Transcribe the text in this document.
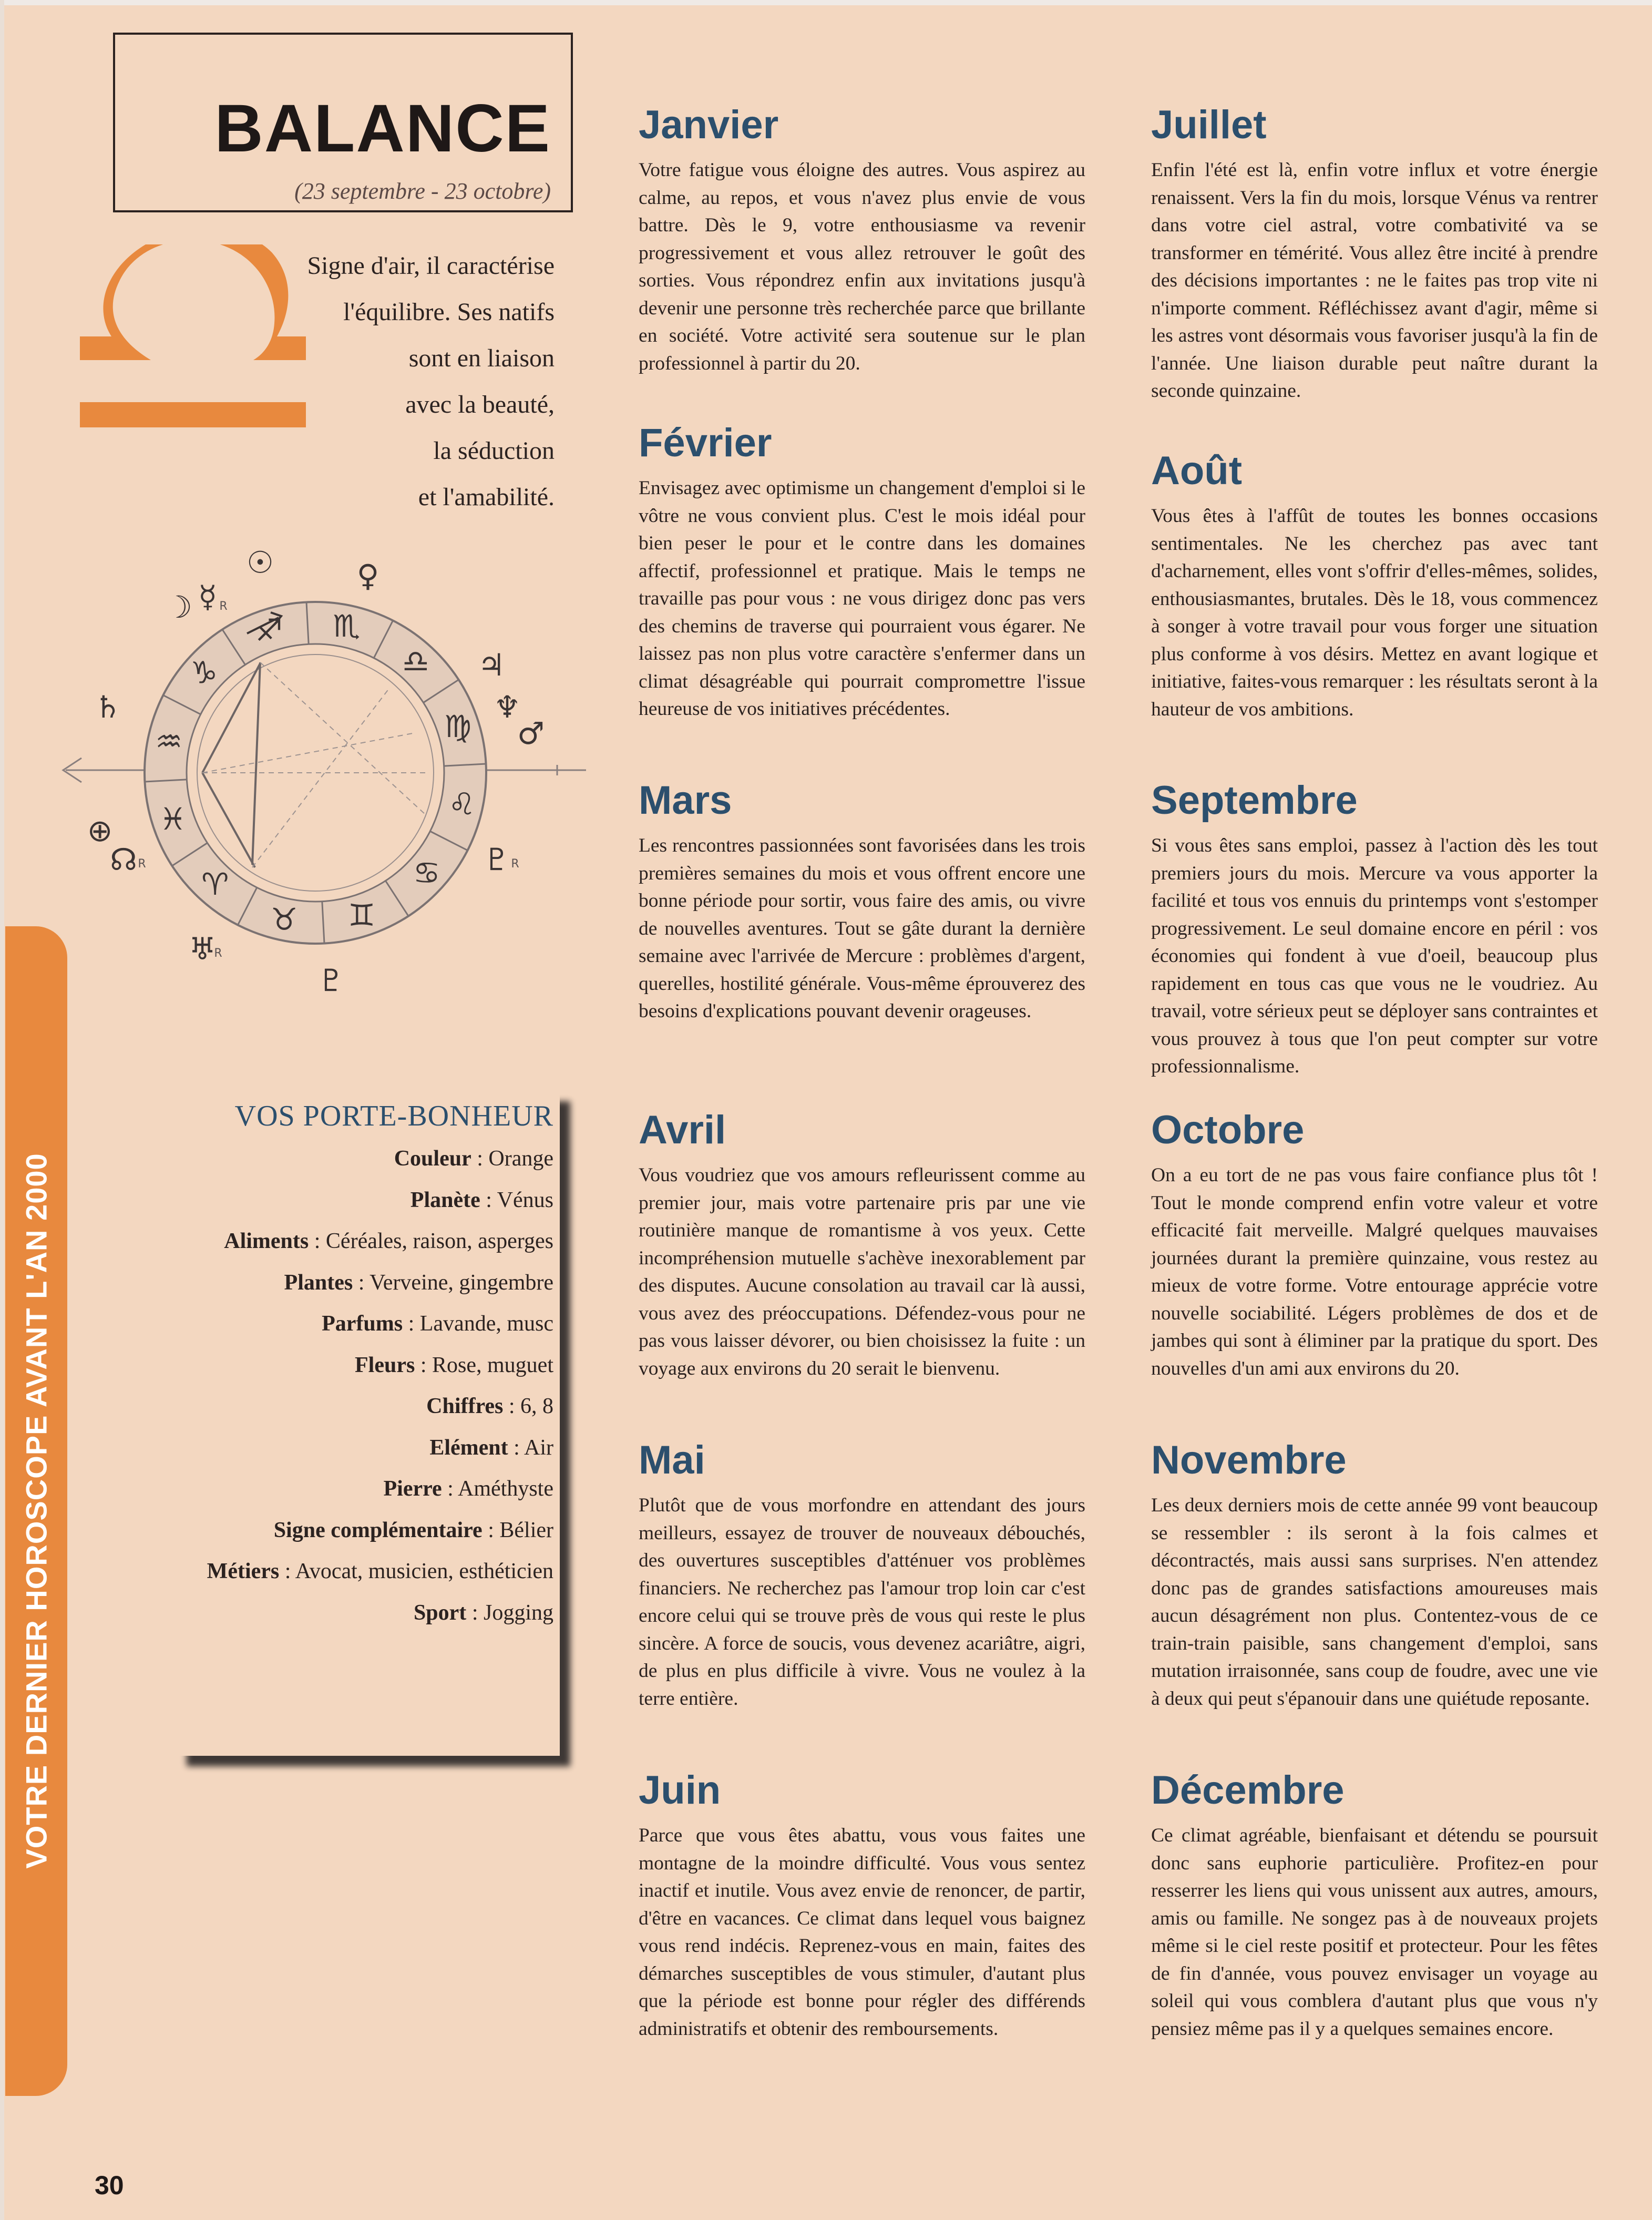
BALANCE
(23 septembre - 23 octobre)
Signe d'air, il caractérise
l'équilibre. Ses natifs
sont en liaison
avec la beauté,
la séduction
et l'amabilité.
♏
♎
♍
♌
♋
♊
♉
♈
♓
♒
♑
♐
☽ ☿
☉	♀
♃
♆
♂
♄
⊕
☊
♅
♇
♇
R
R
R
R
VOS PORTE-BONHEUR
Couleur : Orange
Planète : Vénus
Aliments : Céréales, raison, asperges
Plantes : Verveine, gingembre
Parfums : Lavande, musc
Fleurs : Rose, muguet
Chiffres : 6, 8
Elément : Air
Pierre : Améthyste
Signe complémentaire : Bélier
Métiers : Avocat, musicien, esthéticien
Sport : Jogging
VOTRE DERNIER HOROSCOPE AVANT L'AN 2000
30
Janvier

Votre fatigue vous éloigne des autres. Vous aspirez au calme, au repos, et vous n'avez plus envie de vous battre. Dès le 9, votre enthousiasme va revenir progressivement et vous allez retrouver le goût des sorties. Vous répondrez enfin aux invitations jusqu'à devenir une personne très recherchée parce que brillante en société. Votre activité sera soutenue sur le plan professionnel à partir du 20.

Février

Envisagez avec optimisme un changement d'emploi si le vôtre ne vous convient plus. C'est le mois idéal pour bien peser le pour et le contre dans les domaines affectif, professionnel et pratique. Mais le temps ne travaille pas pour vous : ne vous dirigez donc pas vers des chemins de traverse qui pourraient vous égarer. Ne laissez pas non plus votre caractère s'enfermer dans un climat désagréable qui pourrait compromettre l'issue heureuse de vos initiatives précédentes.

Mars

Les rencontres passionnées sont favorisées dans les trois premières semaines du mois et vous offrent encore une bonne période pour sortir, vous faire des amis, ou vivre de nouvelles aventures. Tout se gâte durant la dernière semaine avec l'arrivée de Mercure : problèmes d'argent, querelles, hostilité générale. Vous-même éprouverez des besoins d'explications pouvant devenir orageuses.

Avril

Vous voudriez que vos amours refleurissent comme au premier jour, mais votre partenaire pris par une vie routinière manque de romantisme à vos yeux. Cette incompréhension mutuelle s'achève inexorablement par des disputes. Aucune consolation au travail car là aussi, vous avez des préoccupations. Défendez-vous pour ne pas vous laisser dévorer, ou bien choisissez la fuite : un voyage aux environs du 20 serait le bienvenu.

Mai

Plutôt que de vous morfondre en attendant des jours meilleurs, essayez de trouver de nouveaux débouchés, des ouvertures susceptibles d'atténuer vos problèmes financiers. Ne recherchez pas l'amour trop loin car c'est encore celui qui se trouve près de vous qui reste le plus sincère. A force de soucis, vous devenez acariâtre, aigri, de plus en plus difficile à vivre. Vous ne voulez à la terre entière.

Juin

Parce que vous êtes abattu, vous vous faites une montagne de la moindre difficulté. Vous vous sentez inactif et inutile. Vous avez envie de renoncer, de partir, d'être en vacances. Ce climat dans lequel vous baignez vous rend indécis. Reprenez-vous en main, faites des démarches susceptibles de vous stimuler, d'autant plus que la période est bonne pour régler des différends administratifs et obtenir des remboursements.

Juillet

Enfin l'été est là, enfin votre influx et votre énergie renaissent. Vers la fin du mois, lorsque Vénus va rentrer dans votre ciel astral, votre combativité va se transformer en témérité. Vous allez être incité à prendre des décisions importantes : ne le faites pas trop vite ni n'importe comment. Réfléchissez avant d'agir, même si les astres vont désormais vous favoriser jusqu'à la fin de l'année. Une liaison durable peut naître durant la seconde quinzaine.

Août

Vous êtes à l'affût de toutes les bonnes occasions sentimentales. Ne les cherchez pas avec tant d'acharnement, elles vont s'offrir d'elles-mêmes, solides, enthousiasmantes, brutales. Dès le 18, vous commencez à songer à votre travail pour vous forger une situation plus conforme à vos désirs. Mettez en avant logique et initiative, faites-vous remarquer : les résultats seront à la hauteur de vos ambitions.

Septembre

Si vous êtes sans emploi, passez à l'action dès les tout premiers jours du mois. Mercure va vous apporter la facilité et tous vos ennuis du printemps vont s'estomper progressivement. Le seul domaine encore en péril : vos économies qui fondent à vue d'oeil, beaucoup plus rapidement en tous cas que vous ne le voudriez. Au travail, votre sérieux peut se déployer sans contraintes et vous prouvez à tous que l'on peut compter sur votre professionnalisme.

Octobre

On a eu tort de ne pas vous faire confiance plus tôt ! Tout le monde comprend enfin votre valeur et votre efficacité fait merveille. Malgré quelques mauvaises journées durant la première quinzaine, vous restez au mieux de votre forme. Votre entourage apprécie votre nouvelle sociabilité. Légers problèmes de dos et de jambes qui sont à éliminer par la pratique du sport. Des nouvelles d'un ami aux environs du 20.

Novembre

Les deux derniers mois de cette année 99 vont beaucoup se ressembler : ils seront à la fois calmes et décontractés, mais aussi sans surprises. N'en attendez donc pas de grandes satisfactions amoureuses mais aucun désagrément non plus. Contentez-vous de ce train-train paisible, sans changement d'emploi, sans mutation irraisonnée, sans coup de foudre, avec une vie à deux qui peut s'épanouir dans une quiétude reposante.

Décembre

Ce climat agréable, bienfaisant et détendu se poursuit donc sans euphorie particulière. Profitez-en pour resserrer les liens qui vous unissent aux autres, amours, amis ou famille. Ne songez pas à de nouveaux projets même si le ciel reste positif et protecteur. Pour les fêtes de fin d'année, vous pouvez envisager un voyage au soleil qui vous comblera d'autant plus que vous n'y pensiez même pas il y a quelques semaines encore.
